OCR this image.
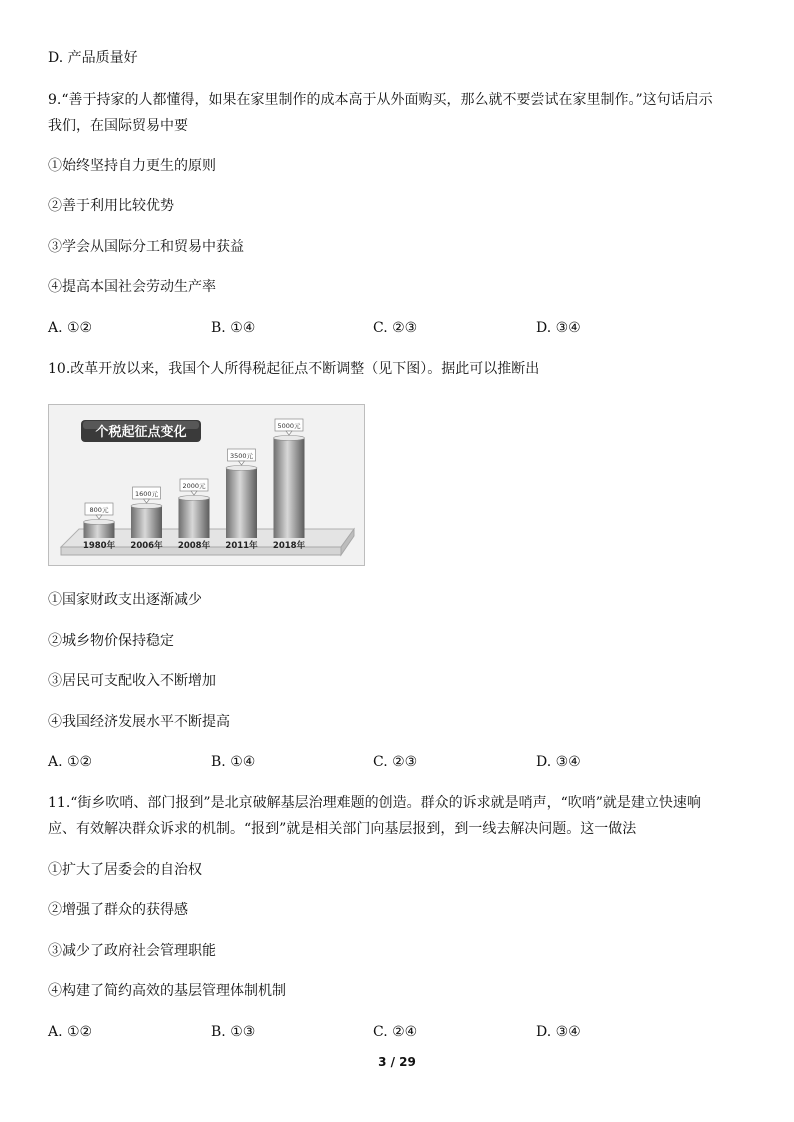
D. 产品质量好
9.“善于持家的人都懂得，如果在家里制作的成本高于从外面购买，那么就不要尝试在家里制作。”这句话启示
我们，在国际贸易中要
①始终坚持自力更生的原则
②善于利用比较优势
③学会从国际分工和贸易中获益
④提高本国社会劳动生产率
A. ①②	B. ①④	C. ②③	D. ③④
10.改革开放以来，我国个人所得税起征点不断调整（见下图）。据此可以推断出
800元
1980年
1600元
2006年
2000元
2008年
3500元
2011年
5000元
2018年
个税起征点变化
①国家财政支出逐渐减少
②城乡物价保持稳定
③居民可支配收入不断增加
④我国经济发展水平不断提高
A. ①②	B. ①④	C. ②③	D. ③④
11.“街乡吹哨、部门报到”是北京破解基层治理难题的创造。群众的诉求就是哨声，“吹哨”就是建立快速响
应、有效解决群众诉求的机制。“报到”就是相关部门向基层报到，到一线去解决问题。这一做法
①扩大了居委会的自治权
②增强了群众的获得感
③减少了政府社会管理职能
④构建了简约高效的基层管理体制机制
A. ①②	B. ①③	C. ②④	D. ③④
3 / 29
